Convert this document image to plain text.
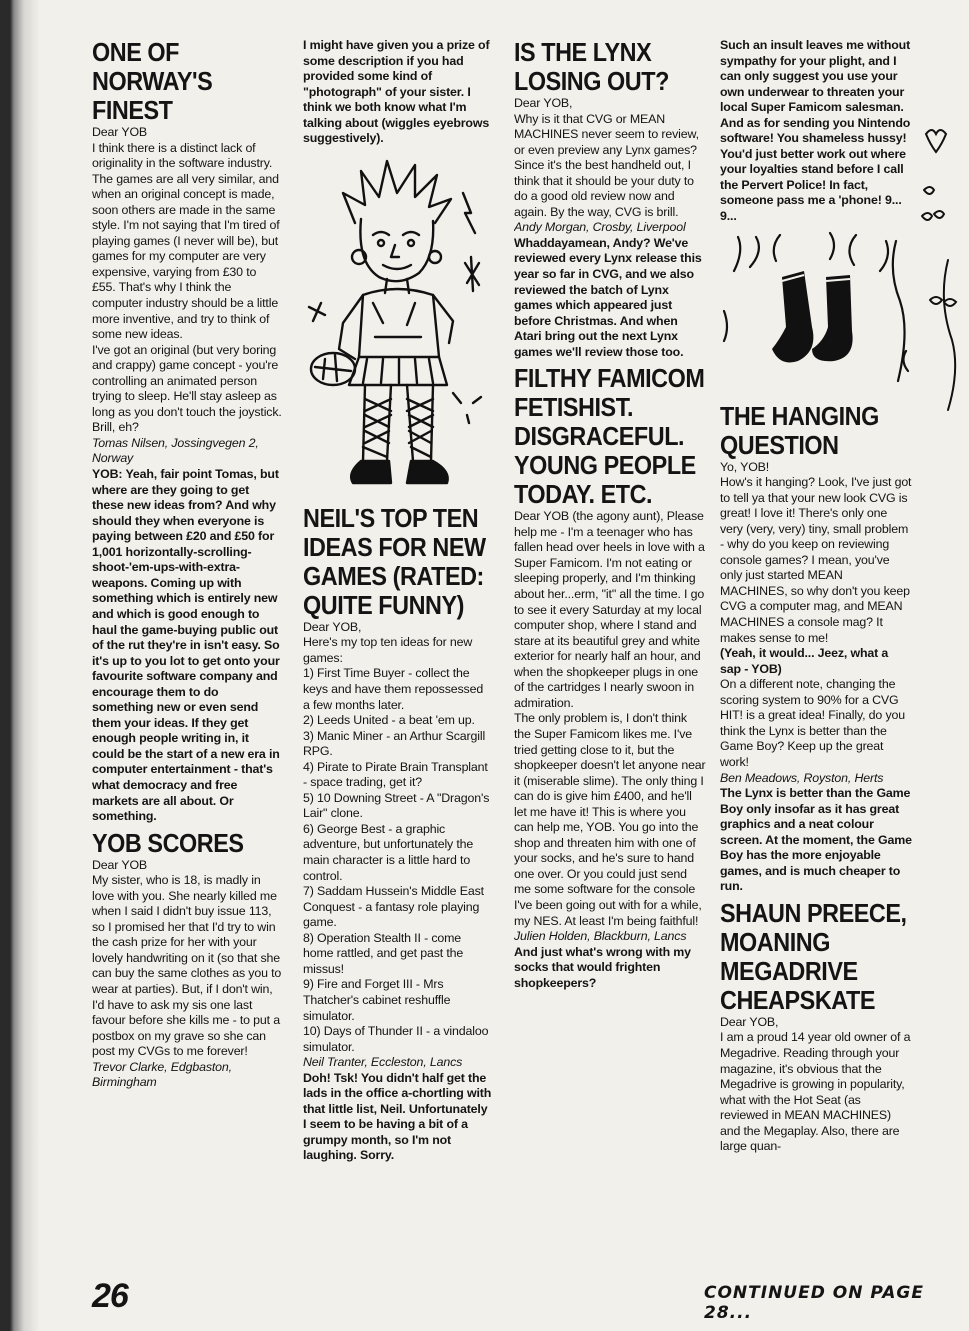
ONE OF NORWAY'S FINEST

Dear YOB

I think there is a distinct lack of originality in the software industry. The games are all very similar, and when an original concept is made, soon others are made in the same style. I'm not saying that I'm tired of playing games (I never will be), but games for my computer are very expensive, varying from £30 to £55. That's why I think the computer industry should be a little more inventive, and try to think of some new ideas.

I've got an original (but very boring and crappy) game concept - you're controlling an animated person trying to sleep. He'll stay asleep as long as you don't touch the joystick. Brill, eh?

Tomas Nilsen, Jossingvegen 2, Norway

YOB: Yeah, fair point Tomas, but where are they going to get these new ideas from? And why should they when everyone is paying between £20 and £50 for 1,001 horizontally-scrolling-shoot-'em-ups-with-extra-weapons. Coming up with something which is entirely new and which is good enough to haul the game-buying public out of the rut they're in isn't easy. So it's up to you lot to get onto your favourite software company and encourage them to do something new or even send them your ideas. If they get enough people writing in, it could be the start of a new era in computer entertainment - that's what democracy and free markets are all about. Or something.

YOB SCORES

Dear YOB

My sister, who is 18, is madly in love with you. She nearly killed me when I said I didn't buy issue 113, so I promised her that I'd try to win the cash prize for her with your lovely handwriting on it (so that she can buy the same clothes as you to wear at parties). But, if I don't win, I'd have to ask my sis one last favour before she kills me - to put a postbox on my grave so she can post my CVGs to me forever!

Trevor Clarke, Edgbaston, Birmingham

I might have given you a prize of some description if you had provided some kind of "photograph" of your sister. I think we both know what I'm talking about (wiggles eyebrows suggestively).

NEIL'S TOP TEN IDEAS FOR NEW GAMES (RATED: QUITE FUNNY)

Dear YOB,

Here's my top ten ideas for new games:

1) First Time Buyer - collect the keys and have them repossessed a few months later.

2) Leeds United - a beat 'em up.

3) Manic Miner - an Arthur Scargill RPG.

4) Pirate to Pirate Brain Transplant - space trading, get it?

5) 10 Downing Street - A "Dragon's Lair" clone.

6) George Best - a graphic adventure, but unfortunately the main character is a little hard to control.

7) Saddam Hussein's Middle East Conquest - a fantasy role playing game.

8) Operation Stealth II - come home rattled, and get past the missus!

9) Fire and Forget III - Mrs Thatcher's cabinet reshuffle simulator.

10) Days of Thunder II - a vindaloo simulator.

Neil Tranter, Eccleston, Lancs

Doh! Tsk! You didn't half get the lads in the office a-chortling with that little list, Neil. Unfortunately I seem to be having a bit of a grumpy month, so I'm not laughing. Sorry.

IS THE LYNX LOSING OUT?

Dear YOB,

Why is it that CVG or MEAN MACHINES never seem to review, or even preview any Lynx games? Since it's the best handheld out, I think that it should be your duty to do a good old review now and again. By the way, CVG is brill.

Andy Morgan, Crosby, Liverpool

Whaddayamean, Andy? We've reviewed every Lynx release this year so far in CVG, and we also reviewed the batch of Lynx games which appeared just before Christmas. And when Atari bring out the next Lynx games we'll review those too.

FILTHY FAMICOM FETISHIST. DISGRACEFUL. YOUNG PEOPLE TODAY. ETC.

Dear YOB (the agony aunt), Please help me - I'm a teenager who has fallen head over heels in love with a Super Famicom. I'm not eating or sleeping properly, and I'm thinking about her...erm, "it" all the time. I go to see it every Saturday at my local computer shop, where I stand and stare at its beautiful grey and white exterior for nearly half an hour, and when the shopkeeper plugs in one of the cartridges I nearly swoon in admiration.

The only problem is, I don't think the Super Famicom likes me. I've tried getting close to it, but the shopkeeper doesn't let anyone near it (miserable slime). The only thing I can do is give him £400, and he'll let me have it! This is where you can help me, YOB. You go into the shop and threaten him with one of your socks, and he's sure to hand one over. Or you could just send me some software for the console I've been going out with for a while, my NES. At least I'm being faithful!

Julien Holden, Blackburn, Lancs

And just what's wrong with my socks that would frighten shopkeepers?

Such an insult leaves me without sympathy for your plight, and I can only suggest you use your own underwear to threaten your local Super Famicom salesman. And as for sending you Nintendo software! You shameless hussy! You'd just better work out where your loyalties stand before I call the Pervert Police! In fact, someone pass me a 'phone! 9... 9...

THE HANGING QUESTION

Yo, YOB!

How's it hanging? Look, I've just got to tell ya that your new look CVG is great! I love it! There's only one very (very, very) tiny, small problem - why do you keep on reviewing console games? I mean, you've only just started MEAN MACHINES, so why don't you keep CVG a computer mag, and MEAN MACHINES a console mag? It makes sense to me!

(Yeah, it would... Jeez, what a sap - YOB)

On a different note, changing the scoring system to 90% for a CVG HIT! is a great idea! Finally, do you think the Lynx is better than the Game Boy? Keep up the great work!

Ben Meadows, Royston, Herts

The Lynx is better than the Game Boy only insofar as it has great graphics and a neat colour screen. At the moment, the Game Boy has the more enjoyable games, and is much cheaper to run.

SHAUN PREECE, MOANING MEGADRIVE CHEAPSKATE

Dear YOB,

I am a proud 14 year old owner of a Megadrive. Reading through your magazine, it's obvious that the Megadrive is growing in popularity, what with the Hot Seat (as reviewed in MEAN MACHINES) and the Megaplay. Also, there are large quan-

26	CONTINUED ON PAGE 28...
